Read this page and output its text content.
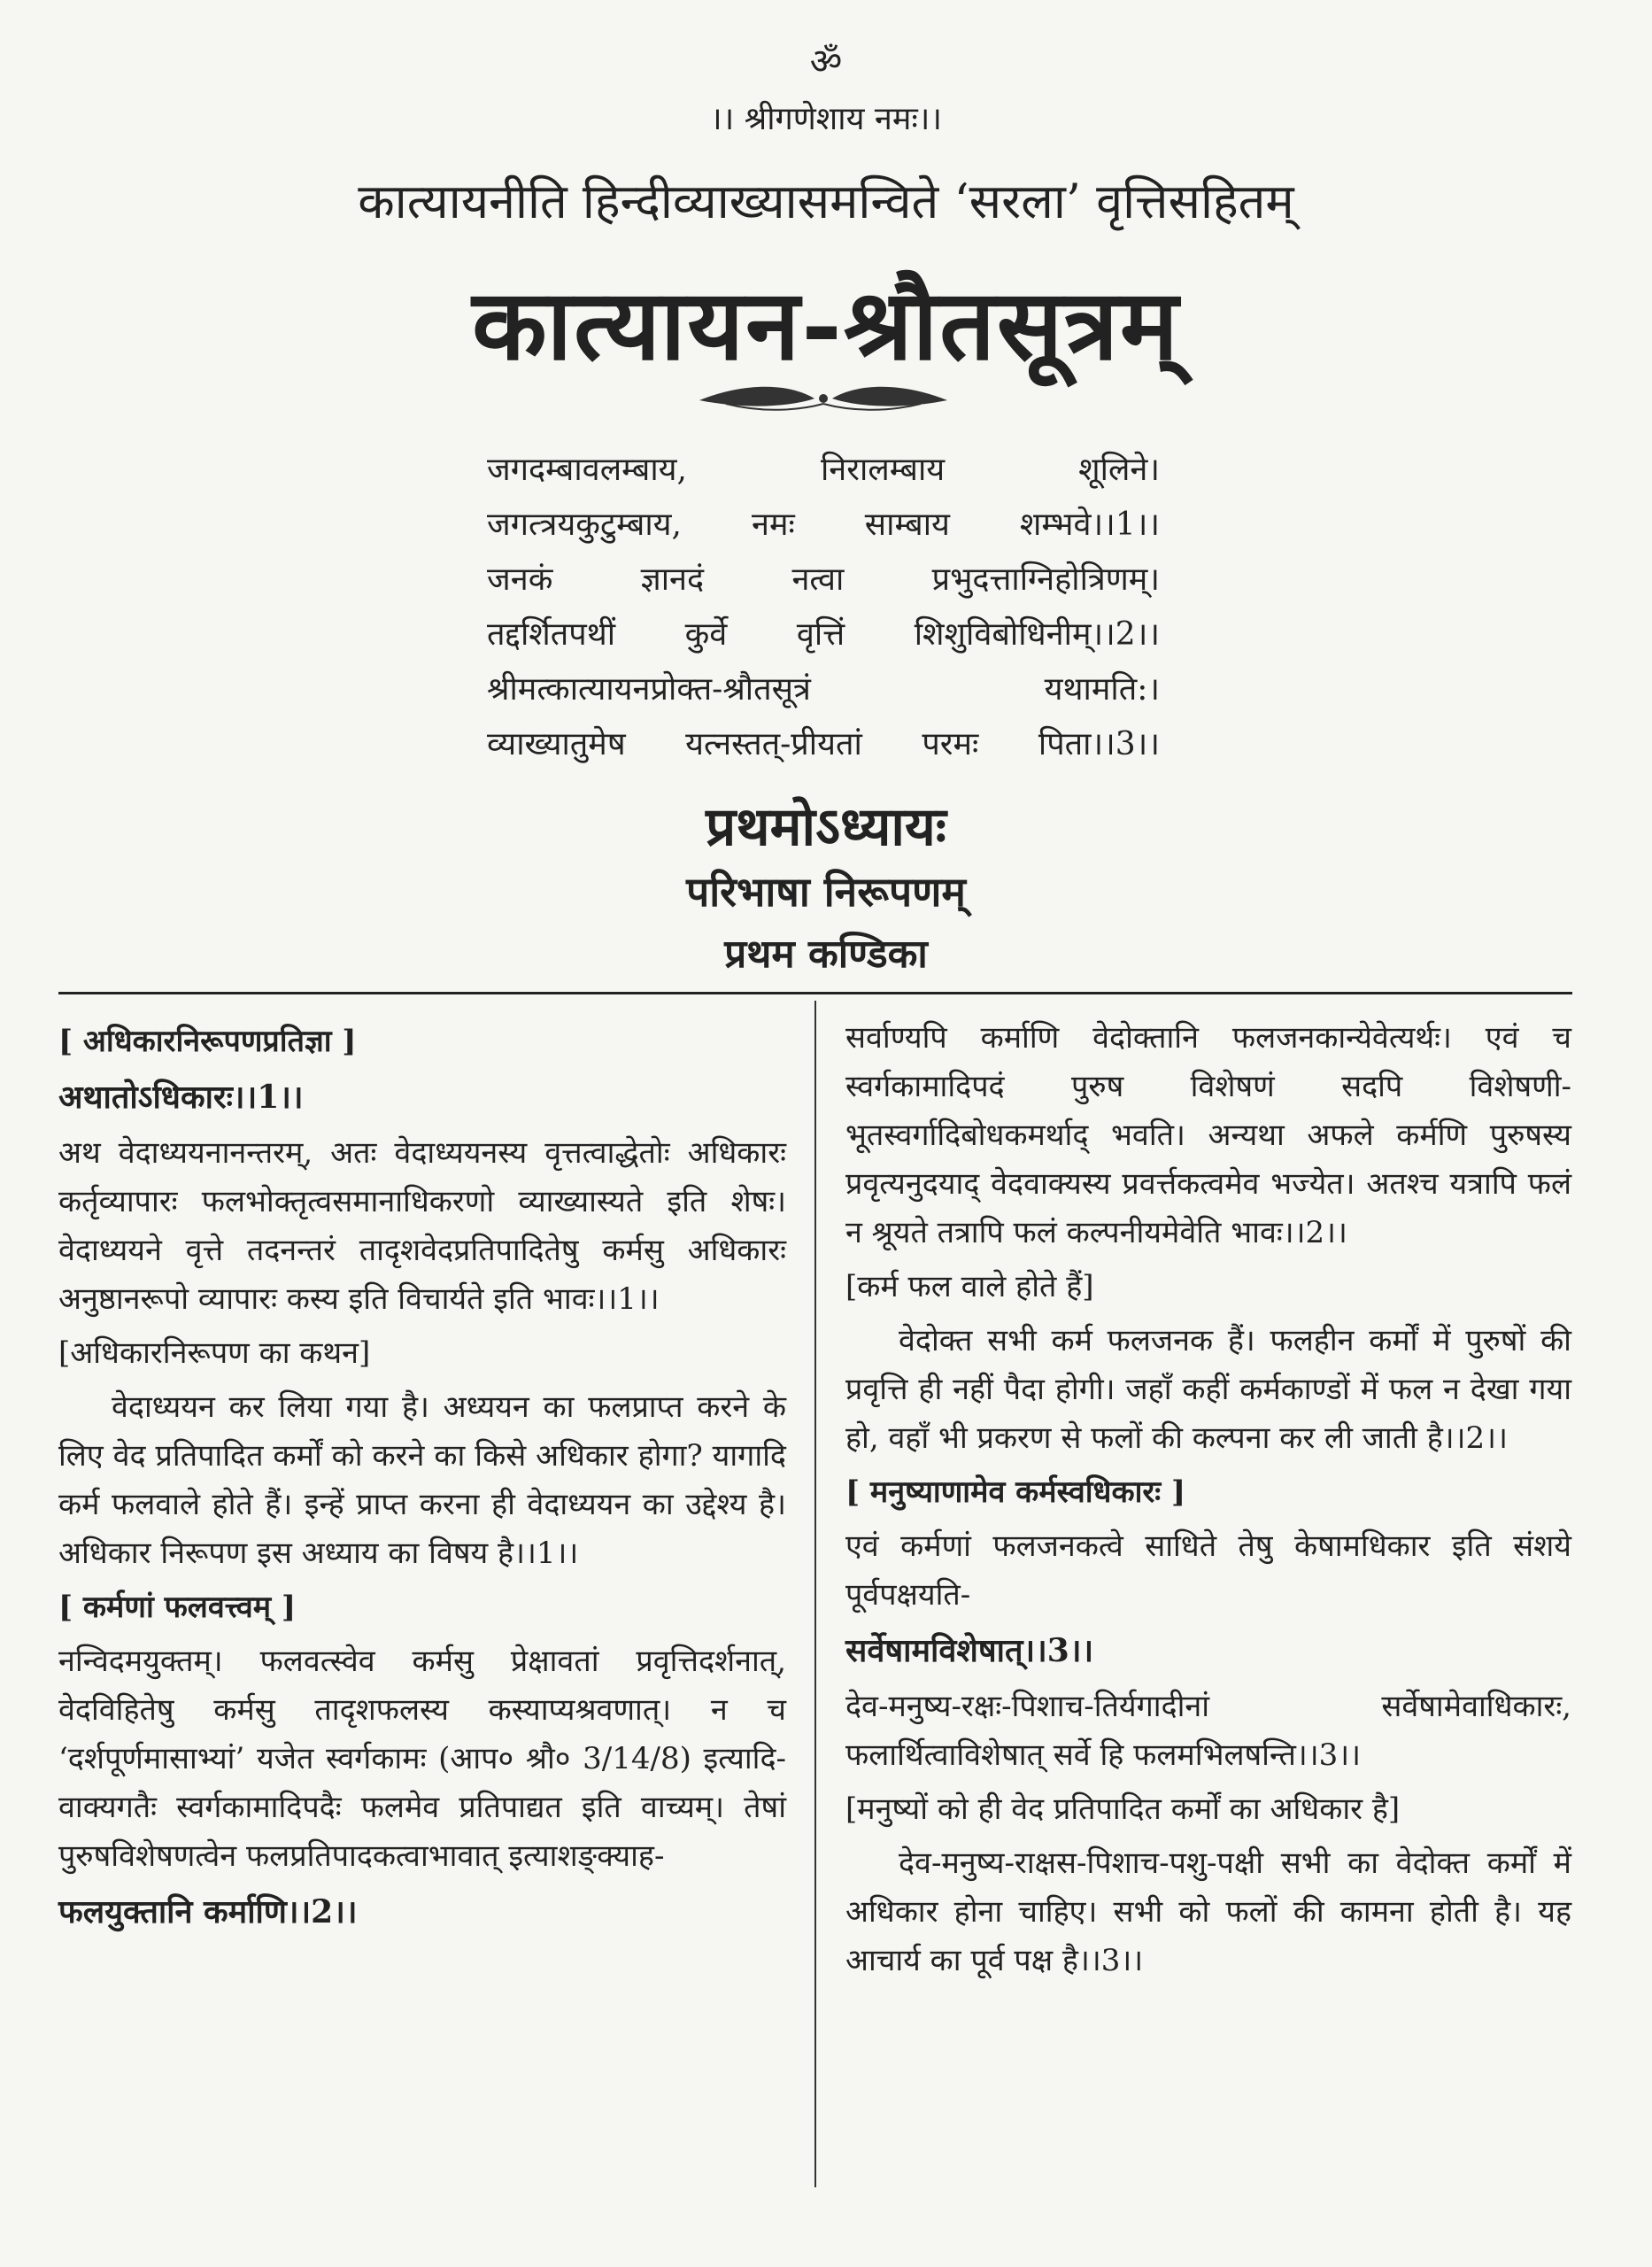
ॐ
।। श्रीगणेशाय नमः।।
कात्यायनीति हिन्दीव्याख्यासमन्विते ‘सरला’ वृत्तिसहितम्
कात्यायन-श्रौतसूत्रम्
जगदम्बावलम्बाय,	निरालम्बाय	शूलिने।
जगत्त्रयकुटुम्बाय, नमः साम्बाय शम्भवे।।1।।
जनकं	ज्ञानदं	नत्वा	प्रभुदत्ताग्निहोत्रिणम्।
तद्दर्शितपथीं कुर्वे वृत्तिं शिशुविबोधिनीम्।।2।।
श्रीमत्कात्यायनप्रोक्त-श्रौतसूत्रं	यथामति:।
व्याख्यातुमेष यत्नस्तत्-प्रीयतां परमः पिता।।3।।
प्रथमोऽध्यायः
परिभाषा निरूपणम्
प्रथम कण्डिका

[ अधिकारनिरूपणप्रतिज्ञा ]

अथातोऽधिकारः।।1।।

अथ वेदाध्ययनानन्तरम्, अतः वेदाध्ययनस्य वृत्तत्वाद्धेतोः अधिकारः कर्तृव्यापारः फलभोक्तृत्वसमानाधिकरणो व्याख्यास्यते इति शेषः। वेदाध्ययने वृत्ते तदनन्तरं तादृशवेदप्रतिपादितेषु कर्मसु अधिकारः अनुष्ठानरूपो व्यापारः कस्य इति विचार्यते इति भावः।।1।।

[अधिकारनिरूपण का कथन]

वेदाध्ययन कर लिया गया है। अध्ययन का फलप्राप्त करने के लिए वेद प्रतिपादित कर्मों को करने का किसे अधिकार होगा? यागादि कर्म फलवाले होते हैं। इन्हें प्राप्त करना ही वेदाध्ययन का उद्देश्य है। अधिकार निरूपण इस अध्याय का विषय है।।1।।

[ कर्मणां फलवत्त्वम् ]

नन्विदमयुक्तम्। फलवत्स्वेव कर्मसु प्रेक्षावतां प्रवृत्तिदर्शनात्, वेदविहितेषु कर्मसु तादृशफलस्य कस्याप्यश्रवणात्। न च ‘दर्शपूर्णमासाभ्यां’ यजेत स्वर्गकामः (आप० श्रौ० 3/14/8) इत्यादि-वाक्यगतैः स्वर्गकामादिपदैः फलमेव प्रतिपाद्यत इति वाच्यम्। तेषां पुरुषविशेषणत्वेन फलप्रतिपादकत्वाभावात् इत्याशङ्क्याह-

फलयुक्तानि कर्माणि।।2।।

सर्वाण्यपि कर्माणि वेदोक्तानि फलजनकान्येवेत्यर्थः। एवं च स्वर्गकामादिपदं पुरुष विशेषणं सदपि विशेषणी-भूतस्वर्गादिबोधकमर्थाद् भवति। अन्यथा अफले कर्मणि पुरुषस्य प्रवृत्यनुदयाद् वेदवाक्यस्य प्रवर्त्तकत्वमेव भज्येत। अतश्च यत्रापि फलं न श्रूयते तत्रापि फलं कल्पनीयमेवेति भावः।।2।।

[कर्म फल वाले होते हैं]

वेदोक्त सभी कर्म फलजनक हैं। फलहीन कर्मों में पुरुषों की प्रवृत्ति ही नहीं पैदा होगी। जहाँ कहीं कर्मकाण्डों में फल न देखा गया हो, वहाँ भी प्रकरण से फलों की कल्पना कर ली जाती है।।2।।

[ मनुष्याणामेव कर्मस्वधिकारः ]

एवं कर्मणां फलजनकत्वे साधिते तेषु केषामधिकार इति संशये पूर्वपक्षयति-

सर्वेषामविशेषात्।।3।।

देव-मनुष्य-रक्षः-पिशाच-तिर्यगादीनां सर्वेषामेवाधिकारः, फलार्थित्वाविशेषात् सर्वे हि फलमभिलषन्ति।।3।।

[मनुष्यों को ही वेद प्रतिपादित कर्मों का अधिकार है]

देव-मनुष्य-राक्षस-पिशाच-पशु-पक्षी सभी का वेदोक्त कर्मों में अधिकार होना चाहिए। सभी को फलों की कामना होती है। यह आचार्य का पूर्व पक्ष है।।3।।
